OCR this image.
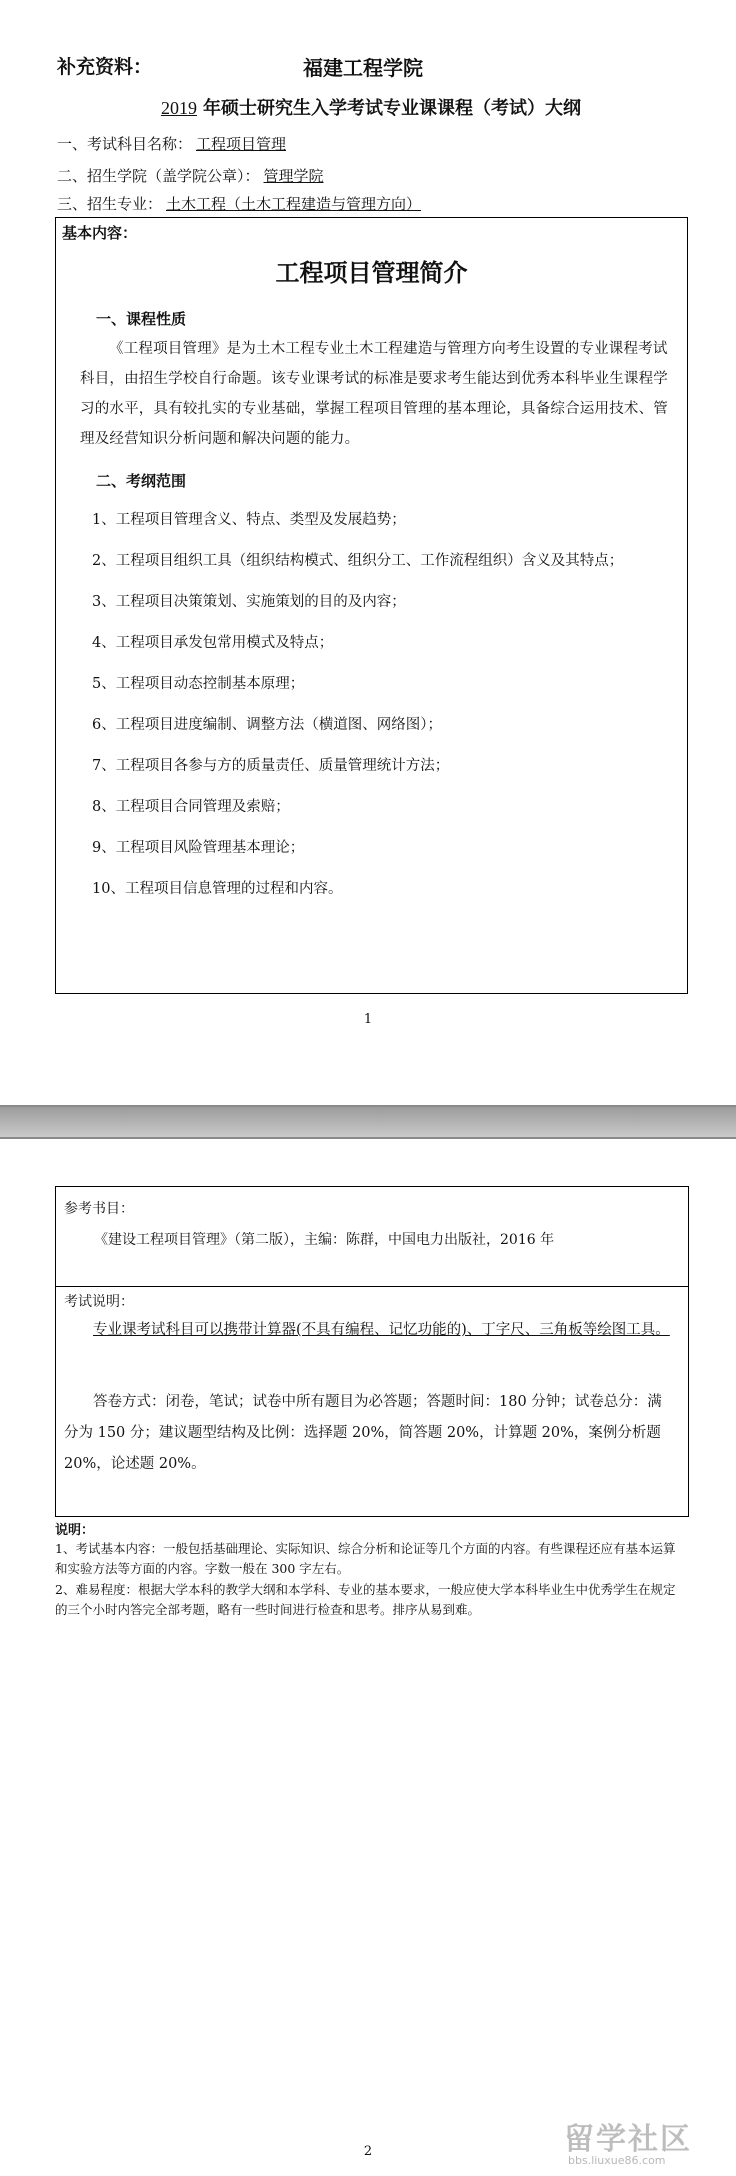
补充资料：	福建工程学院
2019 年硕士研究生入学考试专业课课程（考试）大纲
一、考试科目名称： 工程项目管理
二、招生学院（盖学院公章）： 管理学院
三、招生专业： 土木工程（土木工程建造与管理方向）
基本内容：
工程项目管理简介
一、课程性质
《工程项目管理》是为土木工程专业土木工程建造与管理方向考生设置的专业课程考试科目，由招生学校自行命题。该专业课考试的标准是要求考生能达到优秀本科毕业生课程学习的水平，具有较扎实的专业基础，掌握工程项目管理的基本理论，具备综合运用技术、管理及经营知识分析问题和解决问题的能力。
二、考纲范围
1、工程项目管理含义、特点、类型及发展趋势；
2、工程项目组织工具（组织结构模式、组织分工、工作流程组织）含义及其特点；
3、工程项目决策策划、实施策划的目的及内容；
4、工程项目承发包常用模式及特点；
5、工程项目动态控制基本原理；
6、工程项目进度编制、调整方法（横道图、网络图）；
7、工程项目各参与方的质量责任、质量管理统计方法；
8、工程项目合同管理及索赔；
9、工程项目风险管理基本理论；
10、工程项目信息管理的过程和内容。
1
参考书目：
《建设工程项目管理》（第二版），主编：陈群，中国电力出版社，2016 年
考试说明：
专业课考试科目可以携带计算器(不具有编程、记忆功能的)、丁字尺、三角板等绘图工具。
答卷方式：闭卷，笔试；试卷中所有题目为必答题；答题时间：180 分钟；试卷总分：满分为 150 分；建议题型结构及比例：选择题 20%，简答题 20%，计算题 20%，案例分析题 20%，论述题 20%。
说明：
1、考试基本内容：一般包括基础理论、实际知识、综合分析和论证等几个方面的内容。有些课程还应有基本运算和实验方法等方面的内容。字数一般在 300 字左右。
2、难易程度：根据大学本科的教学大纲和本学科、专业的基本要求，一般应使大学本科毕业生中优秀学生在规定的三个小时内答完全部考题，略有一些时间进行检查和思考。排序从易到难。
留学社区
bbs.liuxue86.com
2
